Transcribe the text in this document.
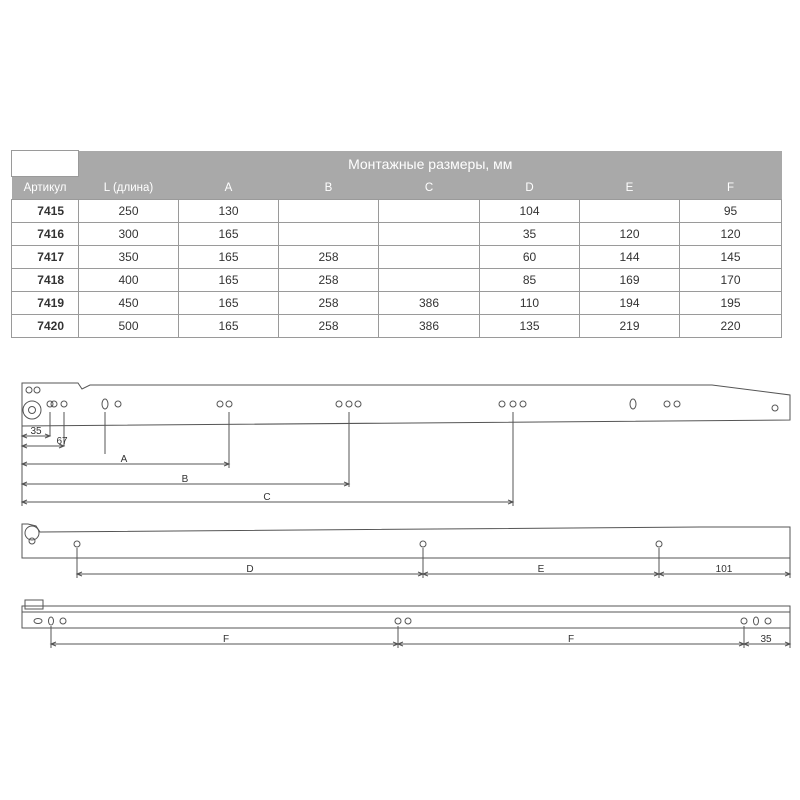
	Монтажные размеры, мм						
Артикул	L (длина)	A	B	C	D	E	F
7415	250	130			104		95
7416	300	165			35	120	120
7417	350	165	258		60	144	145
7418	400	165	258		85	169	170
7419	450	165	258	386	110	194	195
7420	500	165	258	386	135	219	220
35
67
A
B
C
D	E	101
F	F	35
